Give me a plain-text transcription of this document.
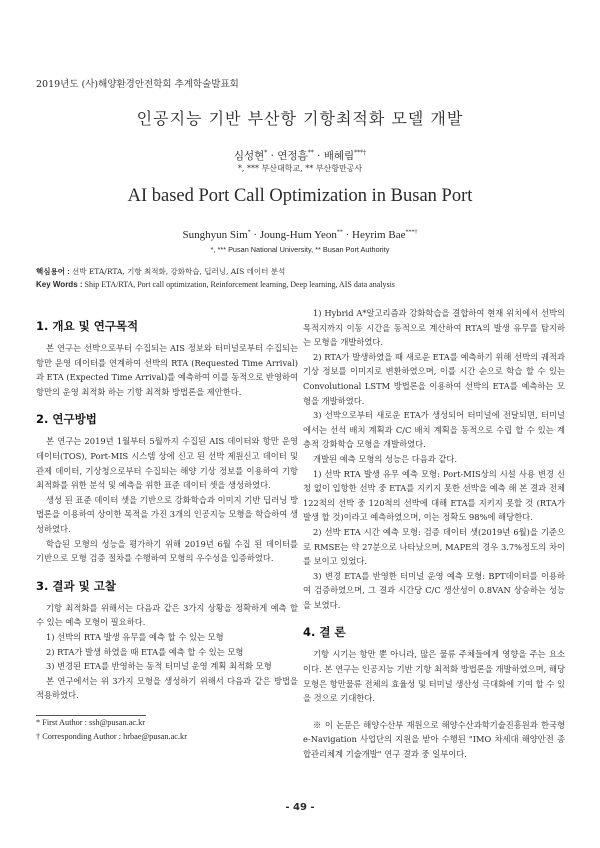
2019년도 (사)해양환경안전학회 추계학술발표회
인공지능 기반 부산항 기항최적화 모델 개발
심성현* · 연정흠** · 배혜림***†
*, *** 부산대학교, ** 부산항만공사
AI based Port Call Optimization in Busan Port
Sunghyun Sim* · Joung-Hum Yeon** · Heyrim Bae***†
*, *** Pusan National University, ** Busan Port Authority
핵심용어 : 선박 ETA/RTA, 기항 최적화, 강화학습, 딥러닝, AIS 데이터 분석
Key Words : Ship ETA/RTA, Port call optimization, Reinforcement learning, Deep learning, AIS data analysis
1. 개요 및 연구목적

본 연구는 선박으로부터 수집되는 AIS 정보와 터미널로부터 수집되는 항만 운영 데이터를 연계하여 선박의 RTA (Requested Time Arrival)과 ETA (Expected Time Arrival)를 예측하여 이를 동적으로 반영하여 항만의 운영 최적화 하는 기항 최적화 방법론을 제안한다.

2. 연구방법

본 연구는 2019년 1월부터 5월까지 수집된 AIS 데이터와 항만 운영 데이터(TOS), Port-MIS 시스템 상에 신고 된 선박 제원신고 데이터 및 관제 데이터, 기상청으로부터 수집되는 해양 기상 정보를 이용하여 기항 최적화를 위한 분석 및 예측을 위한 표준 데이터 셋을 생성하였다.

생성 된 표준 데이터 셋을 기반으로 강화학습과 이미지 기반 딥러닝 방법론을 이용하여 상이한 목적을 가진 3개의 인공지능 모형을 학습하여 생성하였다.

학습된 모형의 성능을 평가하기 위해 2019년 6월 수집 된 데이터를 기반으로 모형 검증 절차를 수행하여 모형의 우수성을 입증하였다.

3. 결과 및 고찰

기항 최적화를 위해서는 다음과 같은 3가지 상황을 정확하게 예측 할 수 있는 예측 모형이 필요하다.

1) 선박의 RTA 발생 유무를 예측 할 수 있는 모형

2) RTA가 발생 하였을 때 ETA를 예측 할 수 있는 모형

3) 변경된 ETA를 반영하는 동적 터미널 운영 계획 최적화 모형

본 연구에서는 위 3가지 모형을 생성하기 위해서 다음과 같은 방법을 적용하였다.

* First Author : ssh@pusan.ac.kr

† Corresponding Author : hrbae@pusan.ac.kr

1) Hybrid A*알고리즘과 강화학습을 결합하여 현재 위치에서 선박의 목적지까지 이동 시간을 동적으로 계산하여 RTA의 발생 유무를 탐지하는 모형을 개발하였다.

2) RTA가 발생하였을 때 새로운 ETA를 예측하기 위해 선박의 궤적과 기상 정보를 이미지로 변환하였으며, 이를 시간 순으로 학습 할 수 있는 Convolutional LSTM 방법론을 이용하여 선박의 ETA를 예측하는 모형을 개발하였다.

3) 선박으로부터 새로운 ETA가 생성되어 터미널에 전달되면, 터미널에서는 선석 배치 계획과 C/C 배치 계획을 동적으로 수립 할 수 있는 계층적 강화학습 모형을 개발하였다.

개발된 예측 모형의 성능은 다음과 같다.

1) 선박 RTA 발생 유무 예측 모형: Port-MIS상의 시설 사용 변경 신청 없이 입항한 선박 중 ETA를 지키지 못한 선박을 예측 해 본 결과 전체 122척의 선박 중 120척의 선박에 대해 ETA를 지키지 못할 것 (RTA가 발생 할 것)이라고 예측하였으며, 이는 정확도 98%에 해당한다.

2) 선박 ETA 시간 예측 모형: 검증 데이터 셋(2019년 6월)을 기준으로 RMSE는 약 27분으로 나타났으며, MAPE의 경우 3.7%정도의 차이를 보이고 있었다.

3) 변경 ETA를 반영한 터미널 운영 예측 모형: BPT데이터를 이용하여 검증하였으며, 그 결과 시간당 C/C 생산성이 0.8VAN 상승하는 성능을 보였다.

4. 결 론

기항 시기는 항만 뿐 아니라, 많은 물류 주체들에게 영향을 주는 요소이다. 본 연구는 인공지능 기반 기항 최적화 방법론을 개발하였으며, 해당 모형은 항만물류 전체의 효율성 및 터미널 생산성 극대화에 기여 할 수 있을 것으로 기대한다.

※ 이 논문은 해양수산부 재원으로 해양수산과학기술진흥원과 한국형 e-Navigation 사업단의 지원을 받아 수행된 "IMO 차세대 해양안전 종합관리체계 기술개발" 연구 결과 중 일부이다.

- 49 -
